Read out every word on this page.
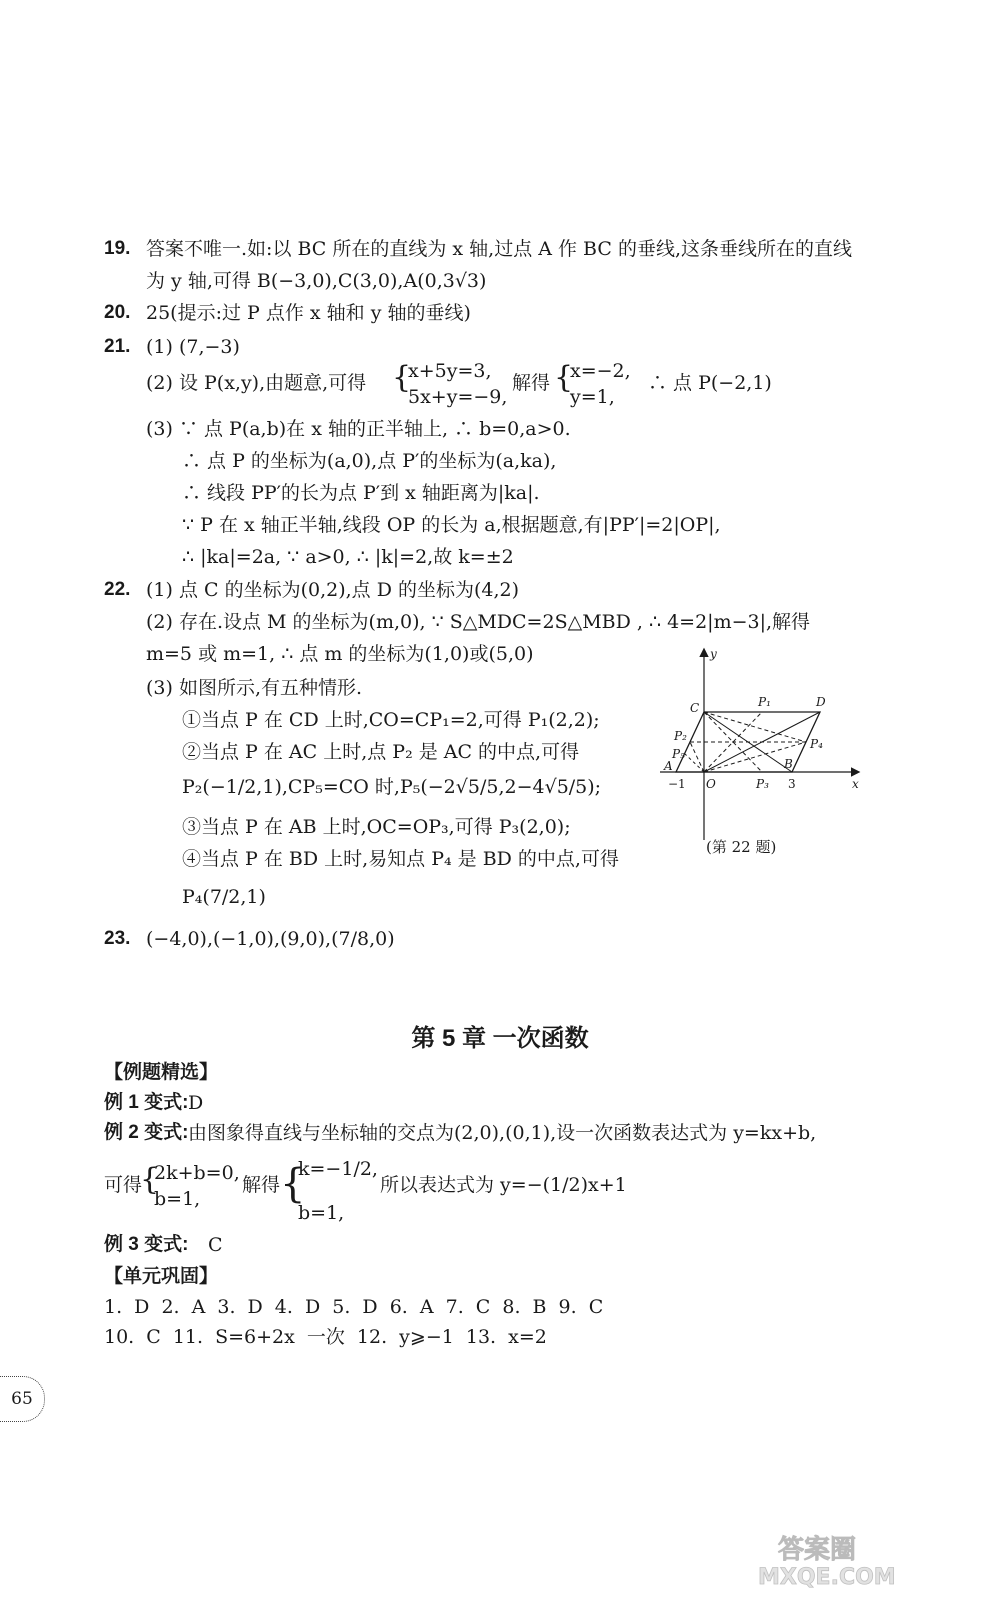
19. 答案不唯一.如:以 BC 所在的直线为 x 轴,过点 A 作 BC 的垂线,这条垂线所在的直线
为 y 轴,可得 B(−3,0),C(3,0),A(0,3√3)
20. 25(提示:过 P 点作 x 轴和 y 轴的垂线)
21. (1) (7,−3)
(2) 设 P(x,y),由题意,可得 {
x+5y=3,
5x+y=−9,
解得 {
x=−2,
y=1,
∴ 点 P(−2,1)
(3) ∵ 点 P(a,b)在 x 轴的正半轴上, ∴ b=0,a>0.
∴ 点 P 的坐标为(a,0),点 P′的坐标为(a,ka),
∴ 线段 PP′的长为点 P′到 x 轴距离为|ka|.
∵ P 在 x 轴正半轴,线段 OP 的长为 a,根据题意,有|PP′|=2|OP|,
∴ |ka|=2a, ∵ a>0, ∴ |k|=2,故 k=±2
22. (1) 点 C 的坐标为(0,2),点 D 的坐标为(4,2)
(2) 存在.设点 M 的坐标为(m,0), ∵ S△MDC=2S△MBD , ∴ 4=2|m−3|,解得
m=5 或 m=1, ∴ 点 m 的坐标为(1,0)或(5,0)
(3) 如图所示,有五种情形.
①当点 P 在 CD 上时,CO=CP₁=2,可得 P₁(2,2);
②当点 P 在 AC 上时,点 P₂ 是 AC 的中点,可得
P₂(−1/2,1),CP₅=CO 时,P₅(−2√5/5,2−4√5/5);
③当点 P 在 AB 上时,OC=OP₃,可得 P₃(2,0);
④当点 P 在 BD 上时,易知点 P₄ 是 BD 的中点,可得
P₄(7/2,1)
y
x
C	D
P₁
P₂
P₅
P₄
A	B
O	P₃
−1	3
(第 22 题)
23. (−4,0),(−1,0),(9,0),(7/8,0)
第 5 章 一次函数
【例题精选】
例 1 变式: D
例 2 变式: 由图象得直线与坐标轴的交点为(2,0),(0,1),设一次函数表达式为 y=kx+b,
可得
{
2k+b=0,
b=1,
解得 {
k=−1/2,
b=1,
所以表达式为 y=−(1/2)x+1
例 3 变式: C
【单元巩固】
1. D 2. A 3. D 4. D 5. D 6. A 7. C 8. B 9. C
10. C 11. S=6+2x 一次 12. y⩾−1 13. x=2
65
答案圈
MXQE.COM
